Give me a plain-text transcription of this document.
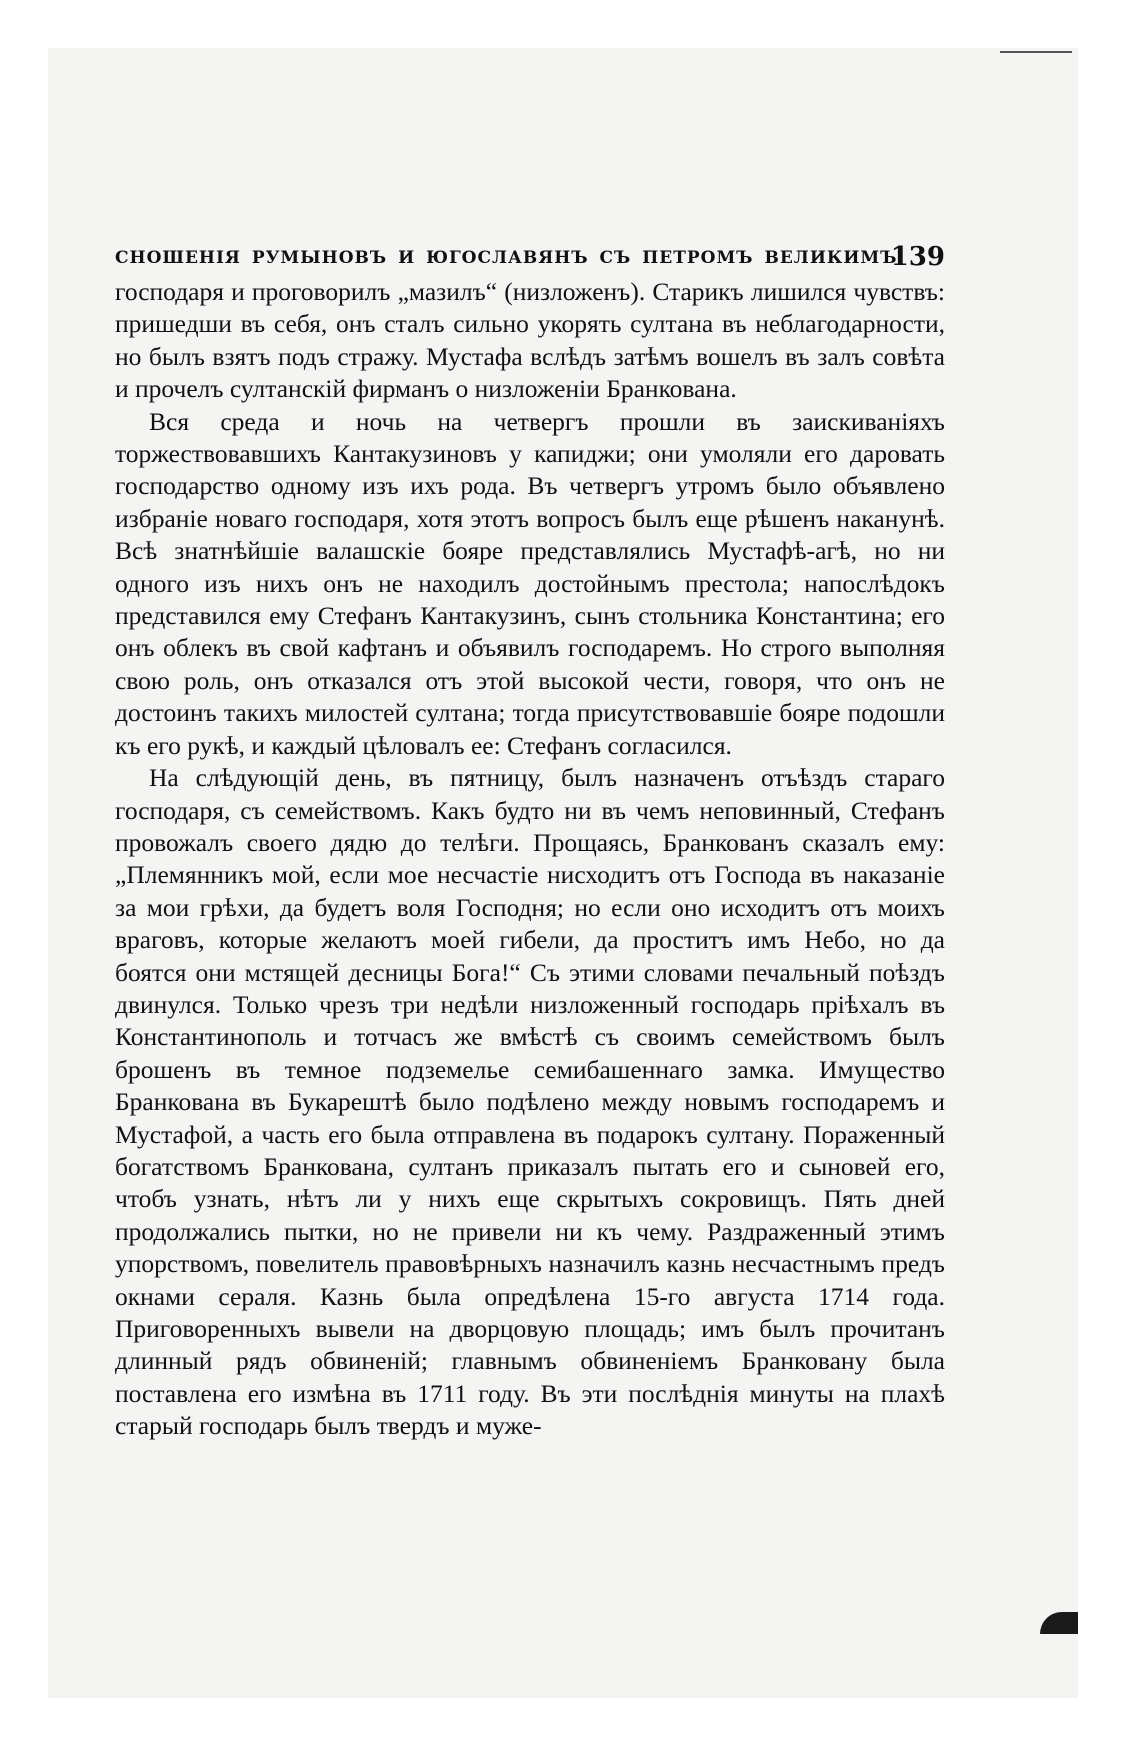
СНОШЕНІЯ РУМЫНОВЪ И ЮГОСЛАВЯНЪ СЪ ПЕТРОМЪ ВЕЛИКИМЪ.
139

господаря и проговорилъ „мазилъ“ (низложенъ). Старикъ лишился чувствъ: пришедши въ себя, онъ сталъ сильно укорять султана въ неблагодарности, но былъ взятъ подъ стражу. Мустафа вслѣдъ затѣмъ вошелъ въ залъ совѣта и прочелъ султанскій фирманъ о низложеніи Бранкована.

Вся среда и ночь на четвергъ прошли въ заискиваніяхъ торжествовавшихъ Кантакузиновъ у капиджи; они умоляли его даровать господарство одному изъ ихъ рода. Въ четвергъ утромъ было объявлено избраніе новаго господаря, хотя этотъ вопросъ былъ еще рѣшенъ наканунѣ. Всѣ знатнѣйшіе валашскіе бояре представлялись Мустафѣ-агѣ, но ни одного изъ нихъ онъ не находилъ достойнымъ престола; напослѣдокъ представился ему Стефанъ Кантакузинъ, сынъ стольника Константина; его онъ облекъ въ свой кафтанъ и объявилъ господаремъ. Но строго выполняя свою роль, онъ отказался отъ этой высокой чести, говоря, что онъ не достоинъ такихъ милостей султана; тогда присутствовавшіе бояре подошли къ его рукѣ, и каждый цѣловалъ ее: Стефанъ согласился.

На слѣдующій день, въ пятницу, былъ назначенъ отъѣздъ стараго господаря, съ семействомъ. Какъ будто ни въ чемъ неповинный, Стефанъ провожалъ своего дядю до телѣги. Прощаясь, Бранкованъ сказалъ ему: „Племянникъ мой, если мое несчастіе нисходитъ отъ Господа въ наказаніе за мои грѣхи, да будетъ воля Господня; но если оно исходитъ отъ моихъ враговъ, которые желаютъ моей гибели, да проститъ имъ Небо, но да боятся они мстящей десницы Бога!“ Съ этими словами печальный поѣздъ двинулся. Только чрезъ три недѣли низложенный господарь пріѣхалъ въ Константинополь и тотчасъ же вмѣстѣ съ своимъ семействомъ былъ брошенъ въ темное подземелье семибашеннаго замка. Имущество Бранкована въ Букарештѣ было подѣлено между новымъ господаремъ и Мустафой, а часть его была отправлена въ подарокъ султану. Пораженный богатствомъ Бранкована, султанъ приказалъ пытать его и сыновей его, чтобъ узнать, нѣтъ ли у нихъ еще скрытыхъ сокровищъ. Пять дней продолжались пытки, но не привели ни къ чему. Раздраженный этимъ упорствомъ, повелитель правовѣрныхъ назначилъ казнь несчастнымъ предъ окнами сераля. Казнь была опредѣлена 15-го августа 1714 года. Приговоренныхъ вывели на дворцовую площадь; имъ былъ прочитанъ длинный рядъ обвиненій; главнымъ обвиненіемъ Бранковану была поставлена его измѣна въ 1711 году. Въ эти послѣднія минуты на плахѣ старый господарь былъ твердъ и муже-
